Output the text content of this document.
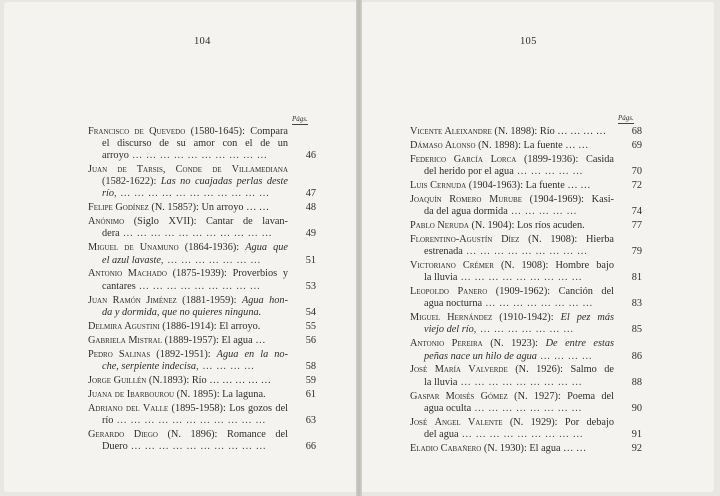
104
Págs.
Francisco de Quevedo (1580-1645): Compara
el discurso de su amor con el de un
arroyo … … … … … … … … … …	46
Juan de Tarsis, Conde de Villamediana
(1582-1622): Las no cuajadas perlas deste
río, … … … … … … … … … … …	47
Felipe Godínez (N. 1585?): Un arroyo … …	48
Anónimo (Siglo XVII): Cantar de lavan-
dera … … … … … … … … … … …	49
Miguel de Unamuno (1864-1936): Agua que
el azul lavaste, … … … … … … …	51
Antonio Machado (1875-1939): Proverbios y
cantares … … … … … … … … …	53
Juan Ramón Jiménez (1881-1959): Agua hon-
da y dormida, que no quieres ninguna.	54
Delmira Agustini (1886-1914): El arroyo.	55
Gabriela Mistral (1889-1957): El agua …	56
Pedro Salinas (1892-1951): Agua en la no-
che, serpiente indecisa, … … … …	58
Jorge Guillén (N.1893): Río … … … … …	59
Juana de Ibarbourou (N. 1895): La laguna.	61
Adriano del Valle (1895-1958): Los gozos del
río … … … … … … … … … … …	63
Gerardo Diego (N. 1896): Romance del
Duero … … … … … … … … … …	66
105
Págs.
Vicente Aleixandre (N. 1898): Río … … … …	68
Dámaso Alonso (N. 1898): La fuente … …	69
Federico García Lorca (1899-1936): Casida
del herido por el agua … … … … …	70
Luis Cernuda (1904-1963): La fuente … …	72
Joaquín Romero Murube (1904-1969): Kasi-
da del agua dormida … … … … …	74
Pablo Neruda (N. 1904): Los ríos acuden.	77
Florentino-Agustín Díez (N. 1908): Hierba
estrenada … … … … … … … … …	79
Victoriano Crémer (N. 1908): Hombre bajo
la lluvia … … … … … … … … …	81
Leopoldo Panero (1909-1962): Canción del
agua nocturna … … … … … … … …	83
Miguel Hernández (1910-1942): El pez más
viejo del río, … … … … … … …	85
Antonio Pereira (N. 1923): De entre estas
peñas nace un hilo de agua … … … …	86
José María Valverde (N. 1926): Salmo de
la lluvia … … … … … … … … …	88
Gaspar Moisés Gómez (N. 1927): Poema del
agua oculta … … … … … … … …	90
José Ángel Valente (N. 1929): Por debajo
del agua … … … … … … … … …	91
Eladio Cabañero (N. 1930): El agua … …	92
